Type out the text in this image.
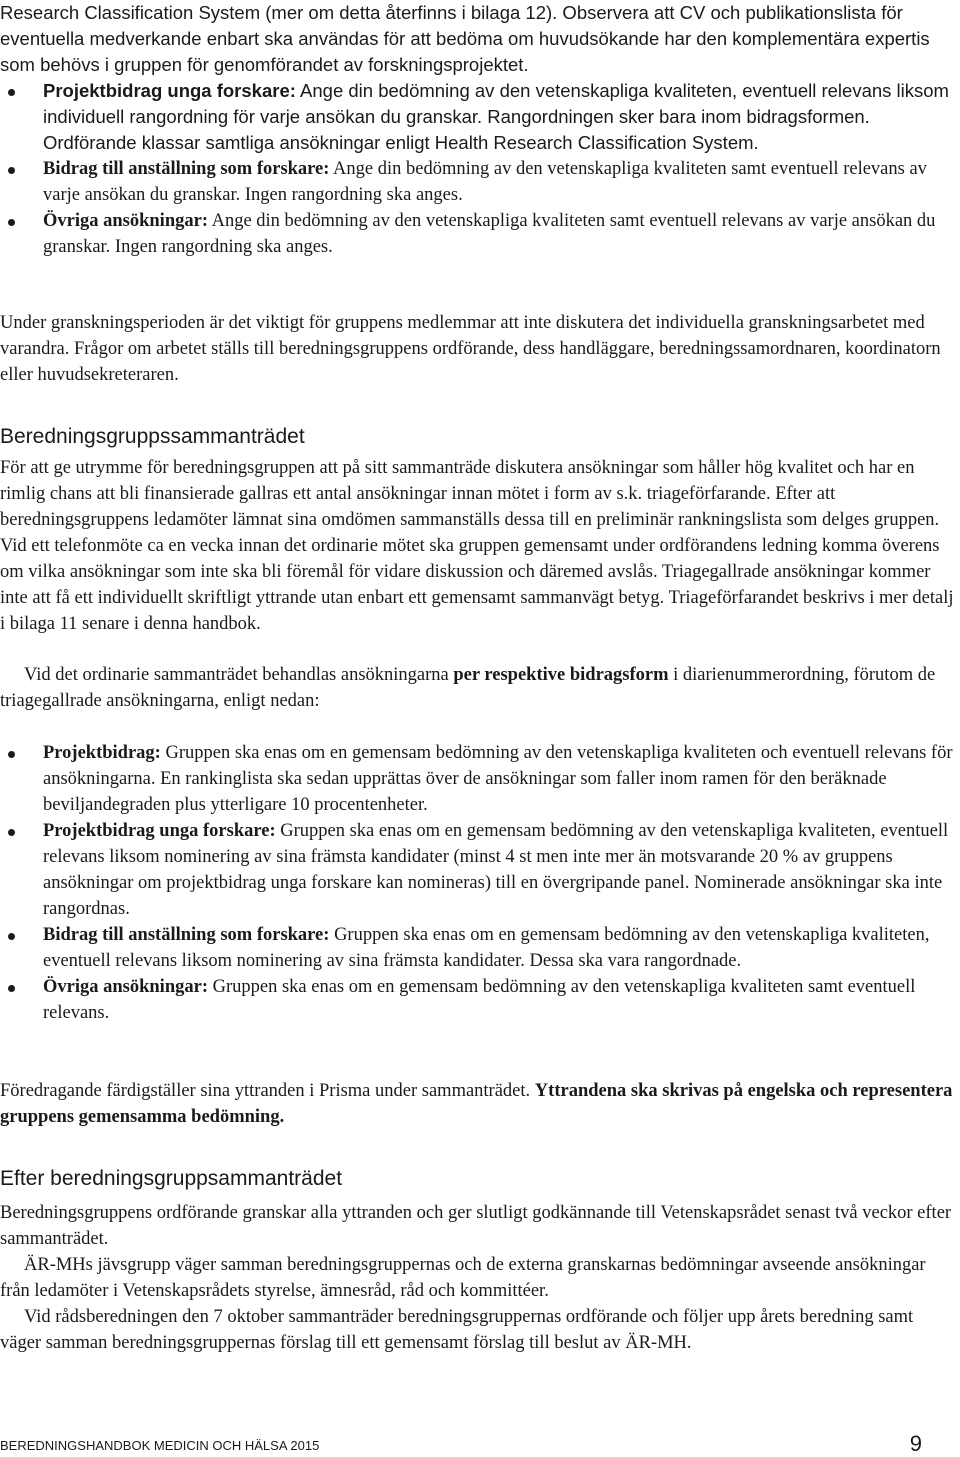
Research Classification System (mer om detta återfinns i bilaga 12). Observera att CV och publikationslista för eventuella medverkande enbart ska användas för att bedöma om huvudsökande har den komplementära expertis som behövs i gruppen för genomförandet av forskningsprojektet.

Projektbidrag unga forskare: Ange din bedömning av den vetenskapliga kvaliteten, eventuell relevans liksom individuell rangordning för varje ansökan du granskar. Rangordningen sker bara inom bidragsformen. Ordförande klassar samtliga ansökningar enligt Health Research Classification System.
Bidrag till anställning som forskare: Ange din bedömning av den vetenskapliga kvaliteten samt eventuell relevans av varje ansökan du granskar. Ingen rangordning ska anges.
Övriga ansökningar: Ange din bedömning av den vetenskapliga kvaliteten samt eventuell relevans av varje ansökan du granskar. Ingen rangordning ska anges.

Under granskningsperioden är det viktigt för gruppens medlemmar att inte diskutera det individuella granskningsarbetet med varandra. Frågor om arbetet ställs till beredningsgruppens ordförande, dess handläggare, beredningssamordnaren, koordinatorn eller huvudsekreteraren.

Beredningsgruppssammanträdet

För att ge utrymme för beredningsgruppen att på sitt sammanträde diskutera ansökningar som håller hög kvalitet och har en rimlig chans att bli finansierade gallras ett antal ansökningar innan mötet i form av s.k. triageförfarande. Efter att beredningsgruppens ledamöter lämnat sina omdömen sammanställs dessa till en preliminär rankningslista som delges gruppen. Vid ett telefonmöte ca en vecka innan det ordinarie mötet ska gruppen gemensamt under ordförandens ledning komma överens om vilka ansökningar som inte ska bli föremål för vidare diskussion och däremed avslås. Triagegallrade ansökningar kommer inte att få ett individuellt skriftligt yttrande utan enbart ett gemensamt sammanvägt betyg. Triageförfarandet beskrivs i mer detalj i bilaga 11 senare i denna handbok.

Vid det ordinarie sammanträdet behandlas ansökningarna per respektive bidragsform i diarienummerordning, förutom de triagegallrade ansökningarna, enligt nedan:

Projektbidrag: Gruppen ska enas om en gemensam bedömning av den vetenskapliga kvaliteten och eventuell relevans för ansökningarna. En rankinglista ska sedan upprättas över de ansökningar som faller inom ramen för den beräknade beviljandegraden plus ytterligare 10 procentenheter.
Projektbidrag unga forskare: Gruppen ska enas om en gemensam bedömning av den vetenskapliga kvaliteten, eventuell relevans liksom nominering av sina främsta kandidater (minst 4 st men inte mer än motsvarande 20 % av gruppens ansökningar om projektbidrag unga forskare kan nomineras) till en övergripande panel. Nominerade ansökningar ska inte rangordnas.
Bidrag till anställning som forskare: Gruppen ska enas om en gemensam bedömning av den vetenskapliga kvaliteten, eventuell relevans liksom nominering av sina främsta kandidater. Dessa ska vara rangordnade.
Övriga ansökningar: Gruppen ska enas om en gemensam bedömning av den vetenskapliga kvaliteten samt eventuell relevans.

Föredragande färdigställer sina yttranden i Prisma under sammanträdet. Yttrandena ska skrivas på engelska och representera gruppens gemensamma bedömning.

Efter beredningsgruppsammanträdet

Beredningsgruppens ordförande granskar alla yttranden och ger slutligt godkännande till Vetenskapsrådet senast två veckor efter sammanträdet.

ÄR-MHs jävsgrupp väger samman beredningsgruppernas och de externa granskarnas bedömningar avseende ansökningar från ledamöter i Vetenskapsrådets styrelse, ämnesråd, råd och kommittéer.

Vid rådsberedningen den 7 oktober sammanträder beredningsgruppernas ordförande och följer upp årets beredning samt väger samman beredningsgruppernas förslag till ett gemensamt förslag till beslut av ÄR-MH.

BEREDNINGSHANDBOK MEDICIN OCH HÄLSA 2015	9
